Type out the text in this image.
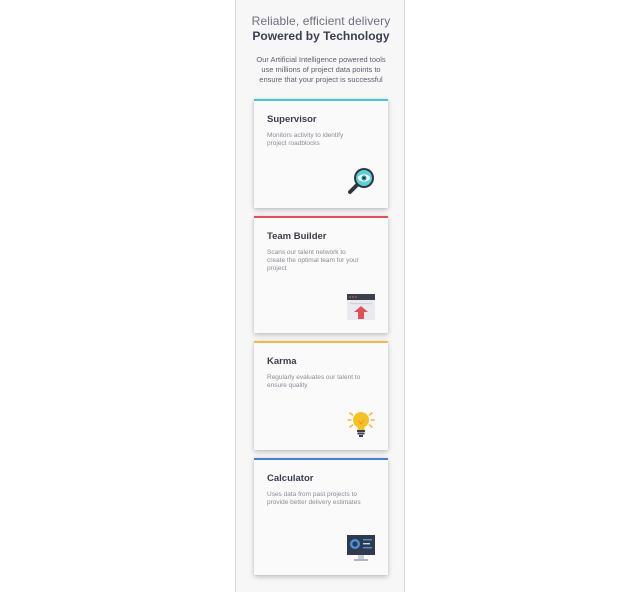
Reliable, efficient delivery
Powered by Technology
Our Artificial Intelligence powered tools use millions of project data points to ensure that your project is successful
Supervisor
Monitors activity to identify project roadblocks
Team Builder
Scans our talent network to create the optimal team for your project
Karma
Regularly evaluates our talent to ensure quality
Calculator
Uses data from past projects to provide better delivery estimates
